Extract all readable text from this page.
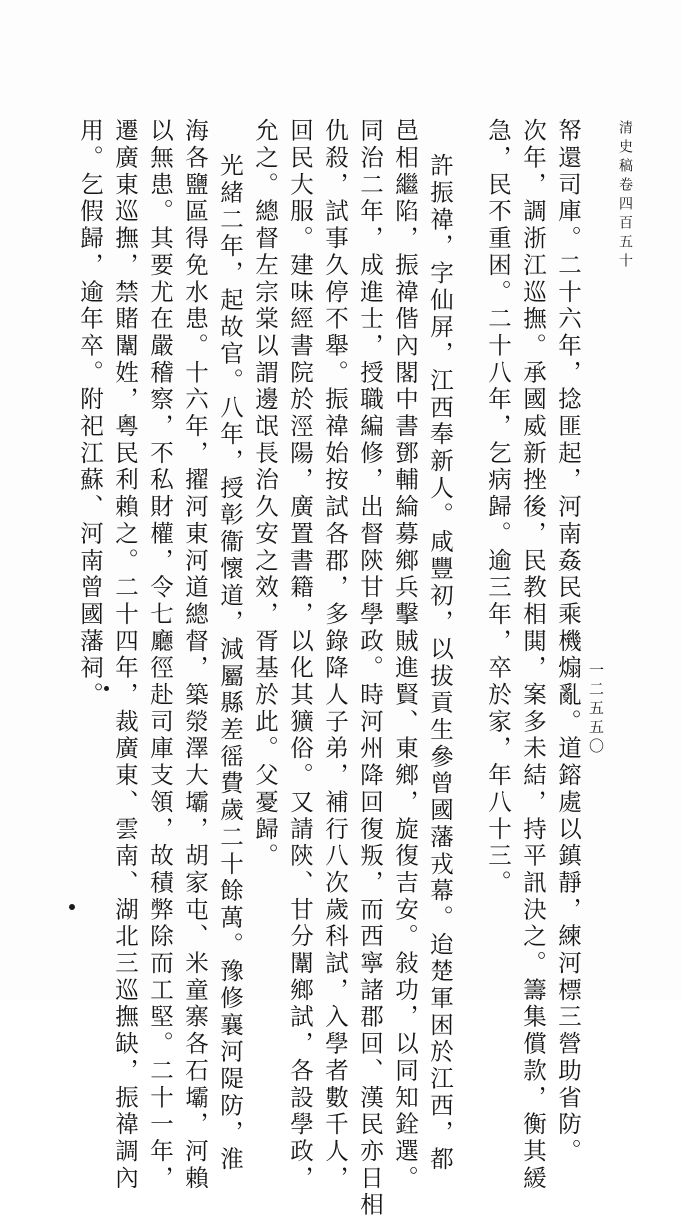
清史稿卷四百五十
一二五五〇
帑還司庫。二十六年，捻匪起，河南姦民乘機煽亂。道鎔處以鎮靜，練河標三營助省防。
次年，調浙江巡撫。承國威新挫後，民教相閧，案多未結，持平訊決之。籌集償款，衡其緩
急，民不重困。二十八年，乞病歸。逾三年，卒於家，年八十三。
許振禕，字仙屏，江西奉新人。咸豐初，以拔貢生參曾國藩戎幕。迨楚軍困於江西，都
邑相繼陷，振禕偕內閣中書鄧輔綸募鄉兵擊賊進賢、東鄉，旋復吉安。敍功，以同知銓選。
同治二年，成進士，授職編修，出督陝甘學政。時河州降回復叛，而西寧諸郡回、漢民亦日相
仇殺，試事久停不舉。振禕始按試各郡，多錄降人子弟，補行八次歲科試，入學者數千人，
回民大服。建味經書院於涇陽，廣置書籍，以化其獷俗。又請陝、甘分闈鄉試，各設學政，
允之。總督左宗棠以謂邊氓長治久安之效，胥基於此。父憂歸。
光緒二年，起故官。八年，授彰衞懷道，減屬縣差徭費歲二十餘萬。豫修襄河隄防，淮
海各鹽區得免水患。十六年，擢河東河道總督，築滎澤大壩，胡家屯、米童寨各石壩，河賴
以無患。其要尤在嚴稽察，不私財權，令七廳徑赴司庫支領，故積弊除而工堅。二十一年，
遷廣東巡撫，禁賭闈姓，粵民利賴之。二十四年，裁廣東、雲南、湖北三巡撫缺，振禕調內
用。乞假歸，逾年卒。附祀江蘇、河南曾國藩祠。
